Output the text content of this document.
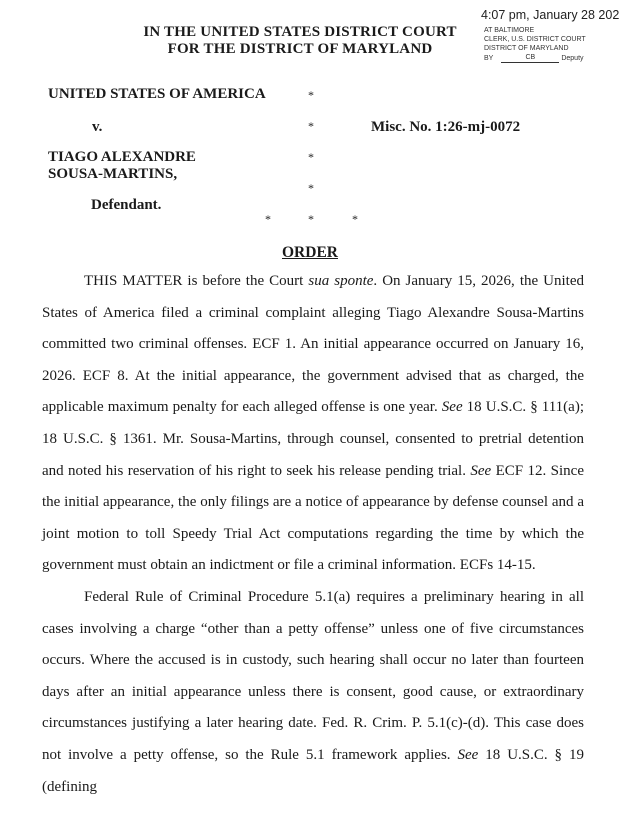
IN THE UNITED STATES DISTRICT COURT
FOR THE DISTRICT OF MARYLAND
4:07 pm, January 28 202
AT BALTIMORE
CLERK, U.S. DISTRICT COURT
DISTRICT OF MARYLAND
BY	CB	Deputy
UNITED STATES OF AMERICA
v.	Misc. No. 1:26-mj-0072
TIAGO ALEXANDRE
SOUSA-MARTINS,
Defendant.
*
*
*
*
*	*	*
ORDER

THIS MATTER is before the Court sua sponte. On January 15, 2026, the United States of America filed a criminal complaint alleging Tiago Alexandre Sousa-Martins committed two criminal offenses. ECF 1. An initial appearance occurred on January 16, 2026. ECF 8. At the initial appearance, the government advised that as charged, the applicable maximum penalty for each alleged offense is one year. See 18 U.S.C. § 111(a); 18 U.S.C. § 1361. Mr. Sousa-Martins, through counsel, consented to pretrial detention and noted his reservation of his right to seek his release pending trial. See ECF 12. Since the initial appearance, the only filings are a notice of appearance by defense counsel and a joint motion to toll Speedy Trial Act computations regarding the time by which the government must obtain an indictment or file a criminal information. ECFs 14-15.

Federal Rule of Criminal Procedure 5.1(a) requires a preliminary hearing in all cases involving a charge “other than a petty offense” unless one of five circumstances occurs. Where the accused is in custody, such hearing shall occur no later than fourteen days after an initial appearance unless there is consent, good cause, or extraordinary circumstances justifying a later hearing date. Fed. R. Crim. P. 5.1(c)-(d). This case does not involve a petty offense, so the Rule 5.1 framework applies. See 18 U.S.C. § 19 (defining
